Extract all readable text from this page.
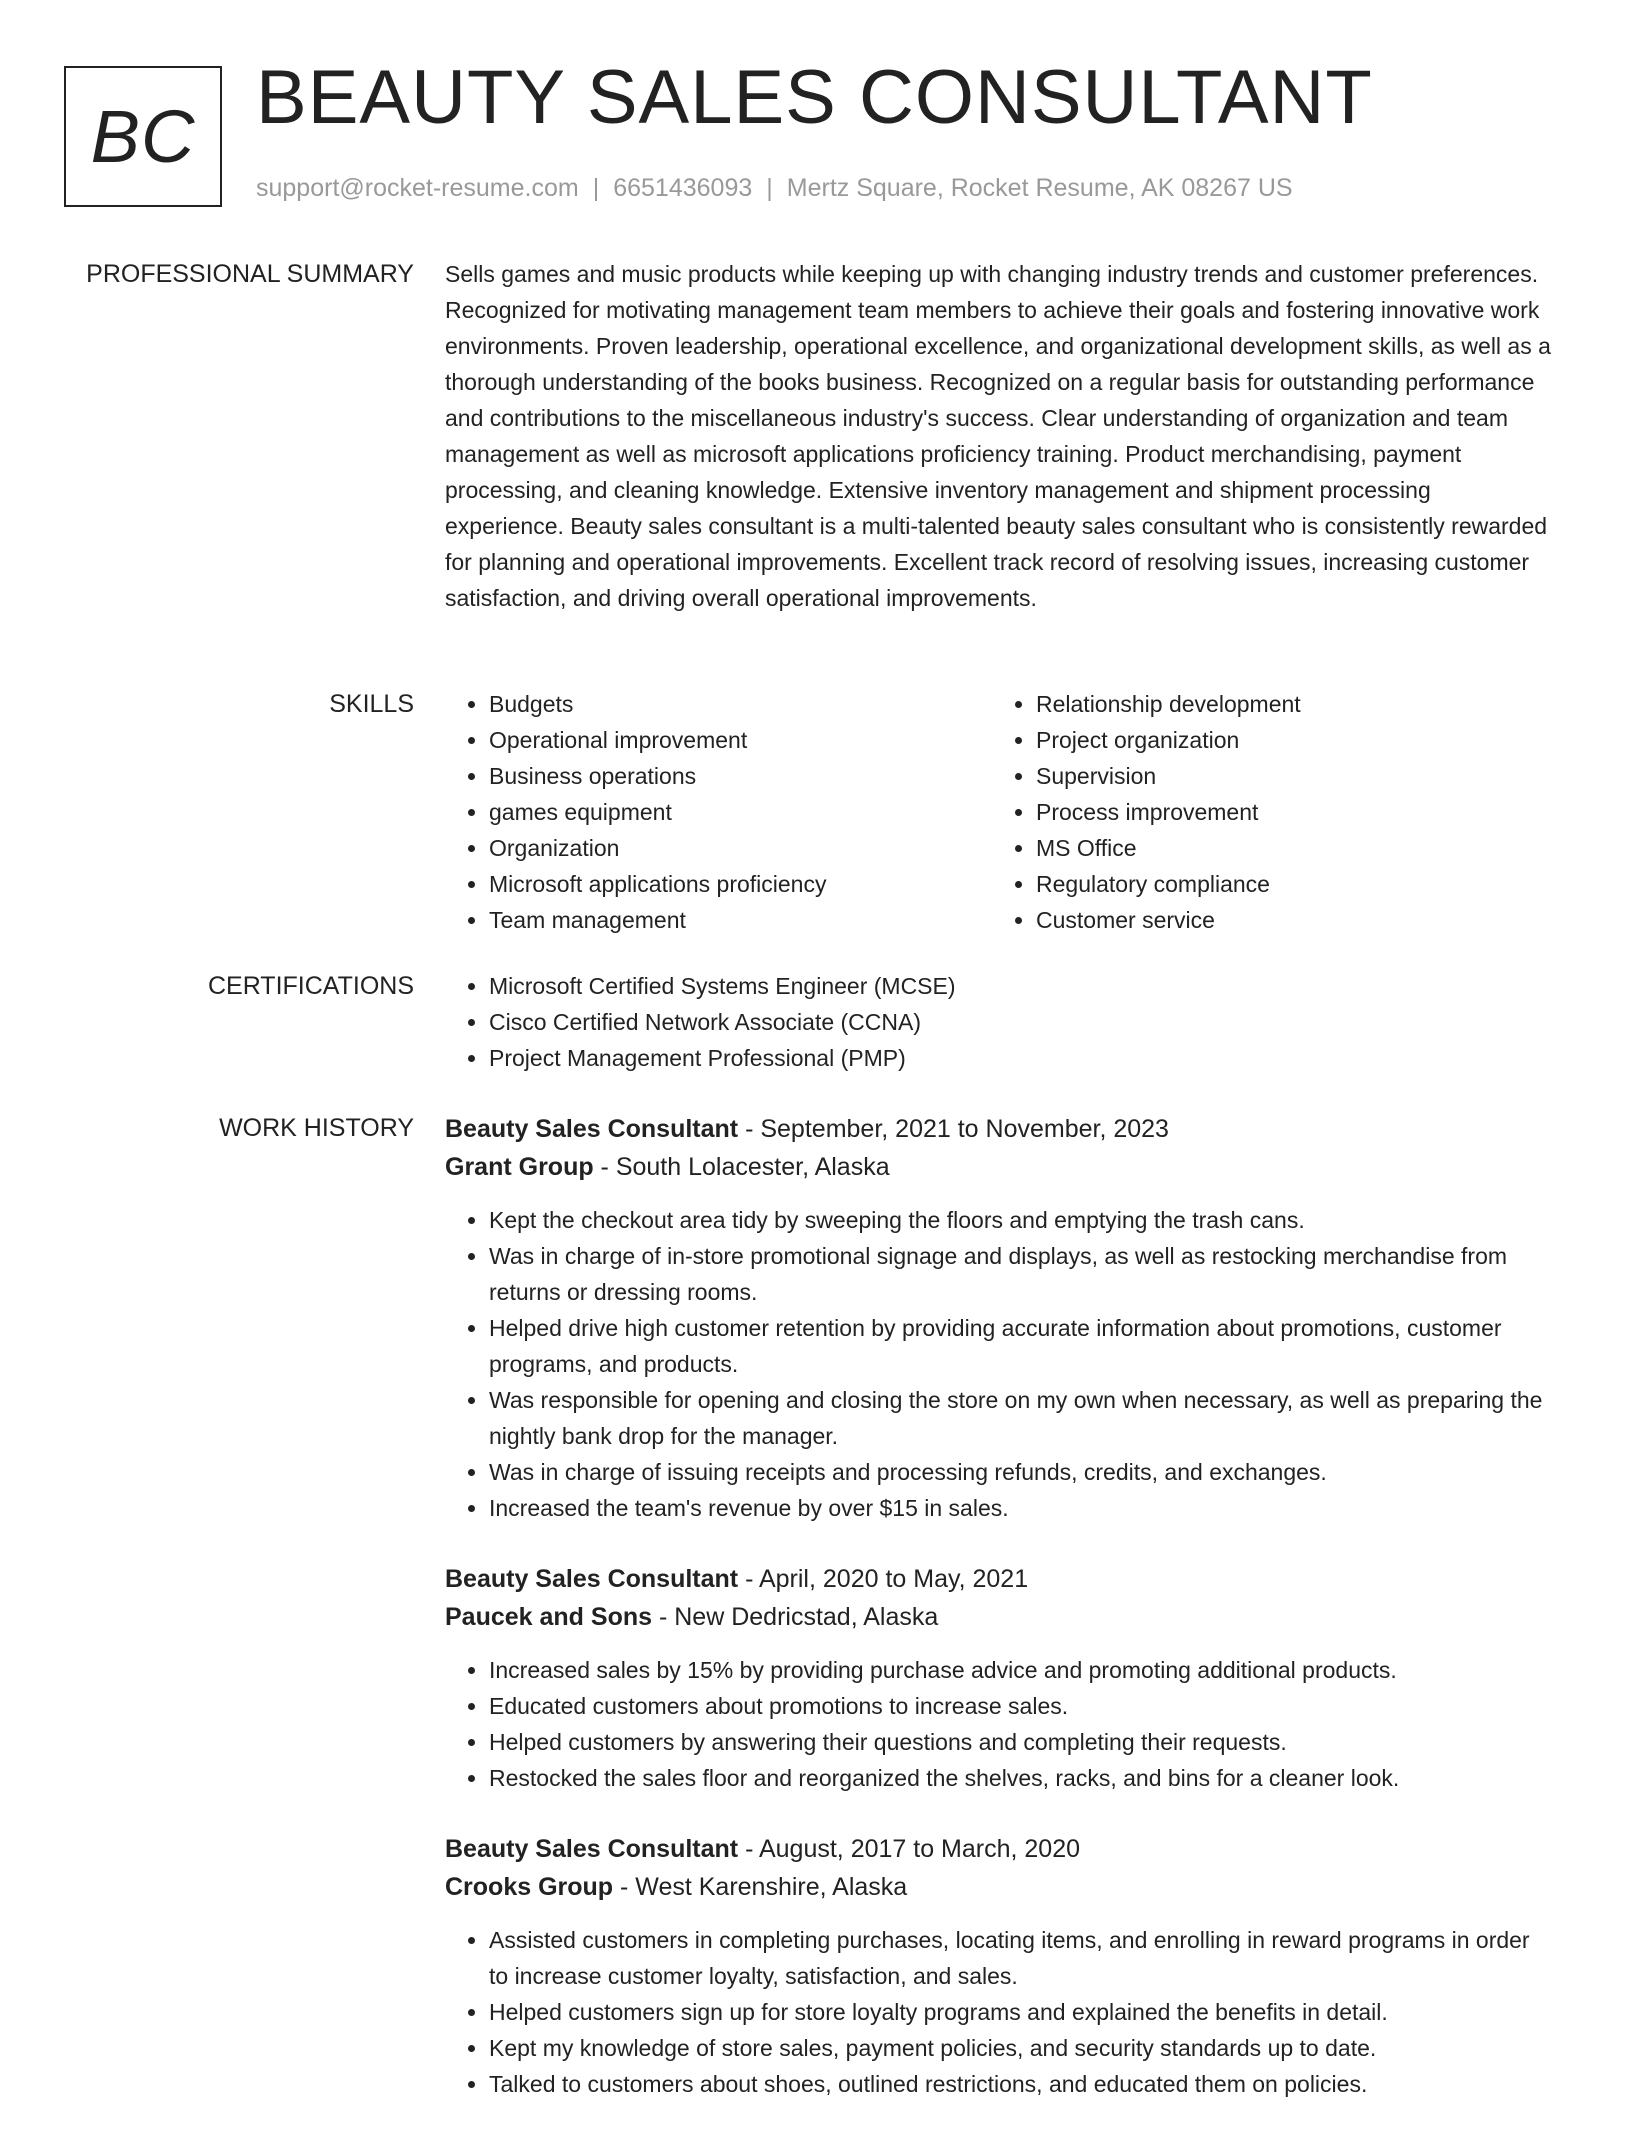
BC BEAUTY SALES CONSULTANT
support@rocket-resume.com | 6651436093 | Mertz Square, Rocket Resume, AK 08267 US
PROFESSIONAL SUMMARY Sells games and music products while keeping up with changing industry trends and customer preferences. Recognized for motivating management team members to achieve their goals and fostering innovative work environments. Proven leadership, operational excellence, and organizational development skills, as well as a thorough understanding of the books business. Recognized on a regular basis for outstanding performance and contributions to the miscellaneous industry's success. Clear understanding of organization and team management as well as microsoft applications proficiency training. Product merchandising, payment processing, and cleaning knowledge. Extensive inventory management and shipment processing experience. Beauty sales consultant is a multi-talented beauty sales consultant who is consistently rewarded for planning and operational improvements. Excellent track record of resolving issues, increasing customer satisfaction, and driving overall operational improvements.
SKILLS	• Budgets
• Operational improvement
• Business operations
• games equipment
• Organization
• Microsoft applications proficiency
• Team management
• Relationship development
• Project organization
• Supervision
• Process improvement
• MS Office
• Regulatory compliance
• Customer service
CERTIFICATIONS	• Microsoft Certified Systems Engineer (MCSE)
• Cisco Certified Network Associate (CCNA)
• Project Management Professional (PMP)
WORK HISTORY Beauty Sales Consultant - September, 2021 to November, 2023
Grant Group - South Lolacester, Alaska
• Kept the checkout area tidy by sweeping the floors and emptying the trash cans.
• Was in charge of in-store promotional signage and displays, as well as restocking merchandise from returns or dressing rooms.
• Helped drive high customer retention by providing accurate information about promotions, customer programs, and products.
• Was responsible for opening and closing the store on my own when necessary, as well as preparing the nightly bank drop for the manager.
• Was in charge of issuing receipts and processing refunds, credits, and exchanges.
• Increased the team's revenue by over $15 in sales.
Beauty Sales Consultant - April, 2020 to May, 2021
Paucek and Sons - New Dedricstad, Alaska
• Increased sales by 15% by providing purchase advice and promoting additional products.
• Educated customers about promotions to increase sales.
• Helped customers by answering their questions and completing their requests.
• Restocked the sales floor and reorganized the shelves, racks, and bins for a cleaner look.
Beauty Sales Consultant - August, 2017 to March, 2020
Crooks Group - West Karenshire, Alaska
• Assisted customers in completing purchases, locating items, and enrolling in reward programs in order to increase customer loyalty, satisfaction, and sales.
• Helped customers sign up for store loyalty programs and explained the benefits in detail.
• Kept my knowledge of store sales, payment policies, and security standards up to date.
• Talked to customers about shoes, outlined restrictions, and educated them on policies.
